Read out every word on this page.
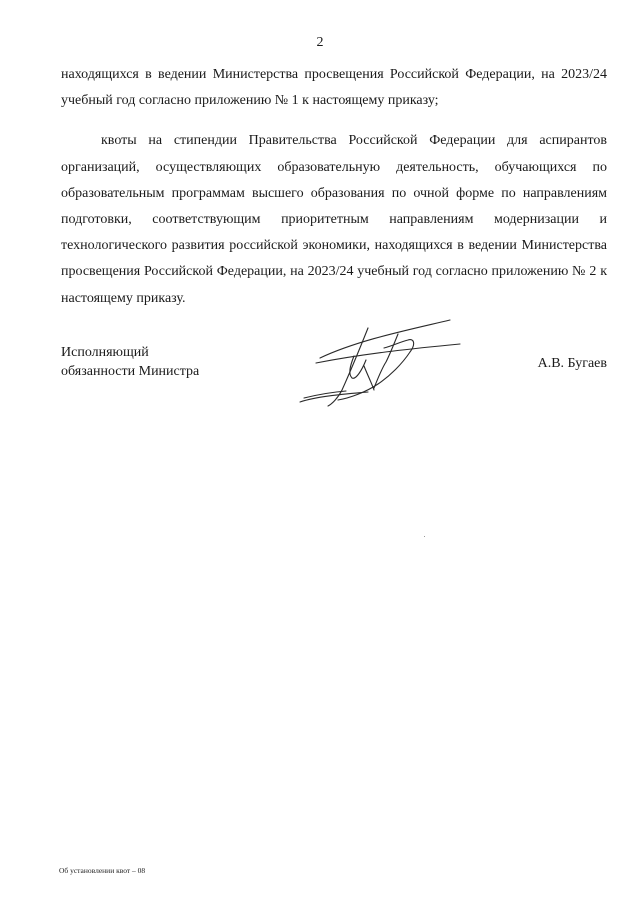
2

находящихся в ведении Министерства просвещения Российской Федерации, на 2023/24 учебный год согласно приложению № 1 к настоящему приказу;

квоты на стипендии Правительства Российской Федерации для аспирантов организаций, осуществляющих образовательную деятельность, обучающихся по образовательным программам высшего образования по очной форме по направлениям подготовки, соответствующим приоритетным направлениям модернизации и технологического развития российской экономики, находящихся в ведении Министерства просвещения Российской Федерации, на 2023/24 учебный год согласно приложению № 2 к настоящему приказу.

Исполняющий
обязанности Министра
А.В. Бугаев
Об установлении квот – 08
